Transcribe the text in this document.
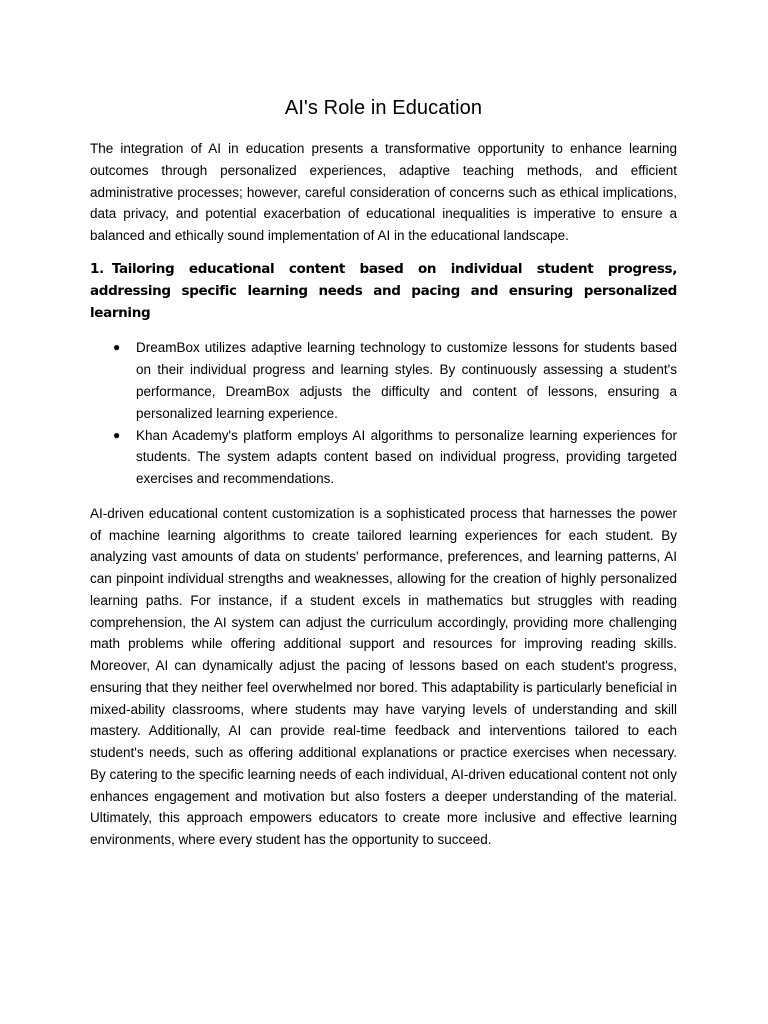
AI's Role in Education

The integration of AI in education presents a transformative opportunity to enhance learning outcomes through personalized experiences, adaptive teaching methods, and efficient administrative processes; however, careful consideration of concerns such as ethical implications, data privacy, and potential exacerbation of educational inequalities is imperative to ensure a balanced and ethically sound implementation of AI in the educational landscape.

1. Tailoring educational content based on individual student progress, addressing specific learning needs and pacing and ensuring personalized learning

● DreamBox utilizes adaptive learning technology to customize lessons for students based on their individual progress and learning styles. By continuously assessing a student's performance, DreamBox adjusts the difficulty and content of lessons, ensuring a personalized learning experience.
● Khan Academy's platform employs AI algorithms to personalize learning experiences for students. The system adapts content based on individual progress, providing targeted exercises and recommendations.

AI-driven educational content customization is a sophisticated process that harnesses the power of machine learning algorithms to create tailored learning experiences for each student. By analyzing vast amounts of data on students' performance, preferences, and learning patterns, AI can pinpoint individual strengths and weaknesses, allowing for the creation of highly personalized learning paths. For instance, if a student excels in mathematics but struggles with reading comprehension, the AI system can adjust the curriculum accordingly, providing more challenging math problems while offering additional support and resources for improving reading skills. Moreover, AI can dynamically adjust the pacing of lessons based on each student's progress, ensuring that they neither feel overwhelmed nor bored. This adaptability is particularly beneficial in mixed-ability classrooms, where students may have varying levels of understanding and skill mastery. Additionally, AI can provide real-time feedback and interventions tailored to each student's needs, such as offering additional explanations or practice exercises when necessary. By catering to the specific learning needs of each individual, AI-driven educational content not only enhances engagement and motivation but also fosters a deeper understanding of the material. Ultimately, this approach empowers educators to create more inclusive and effective learning environments, where every student has the opportunity to succeed.
